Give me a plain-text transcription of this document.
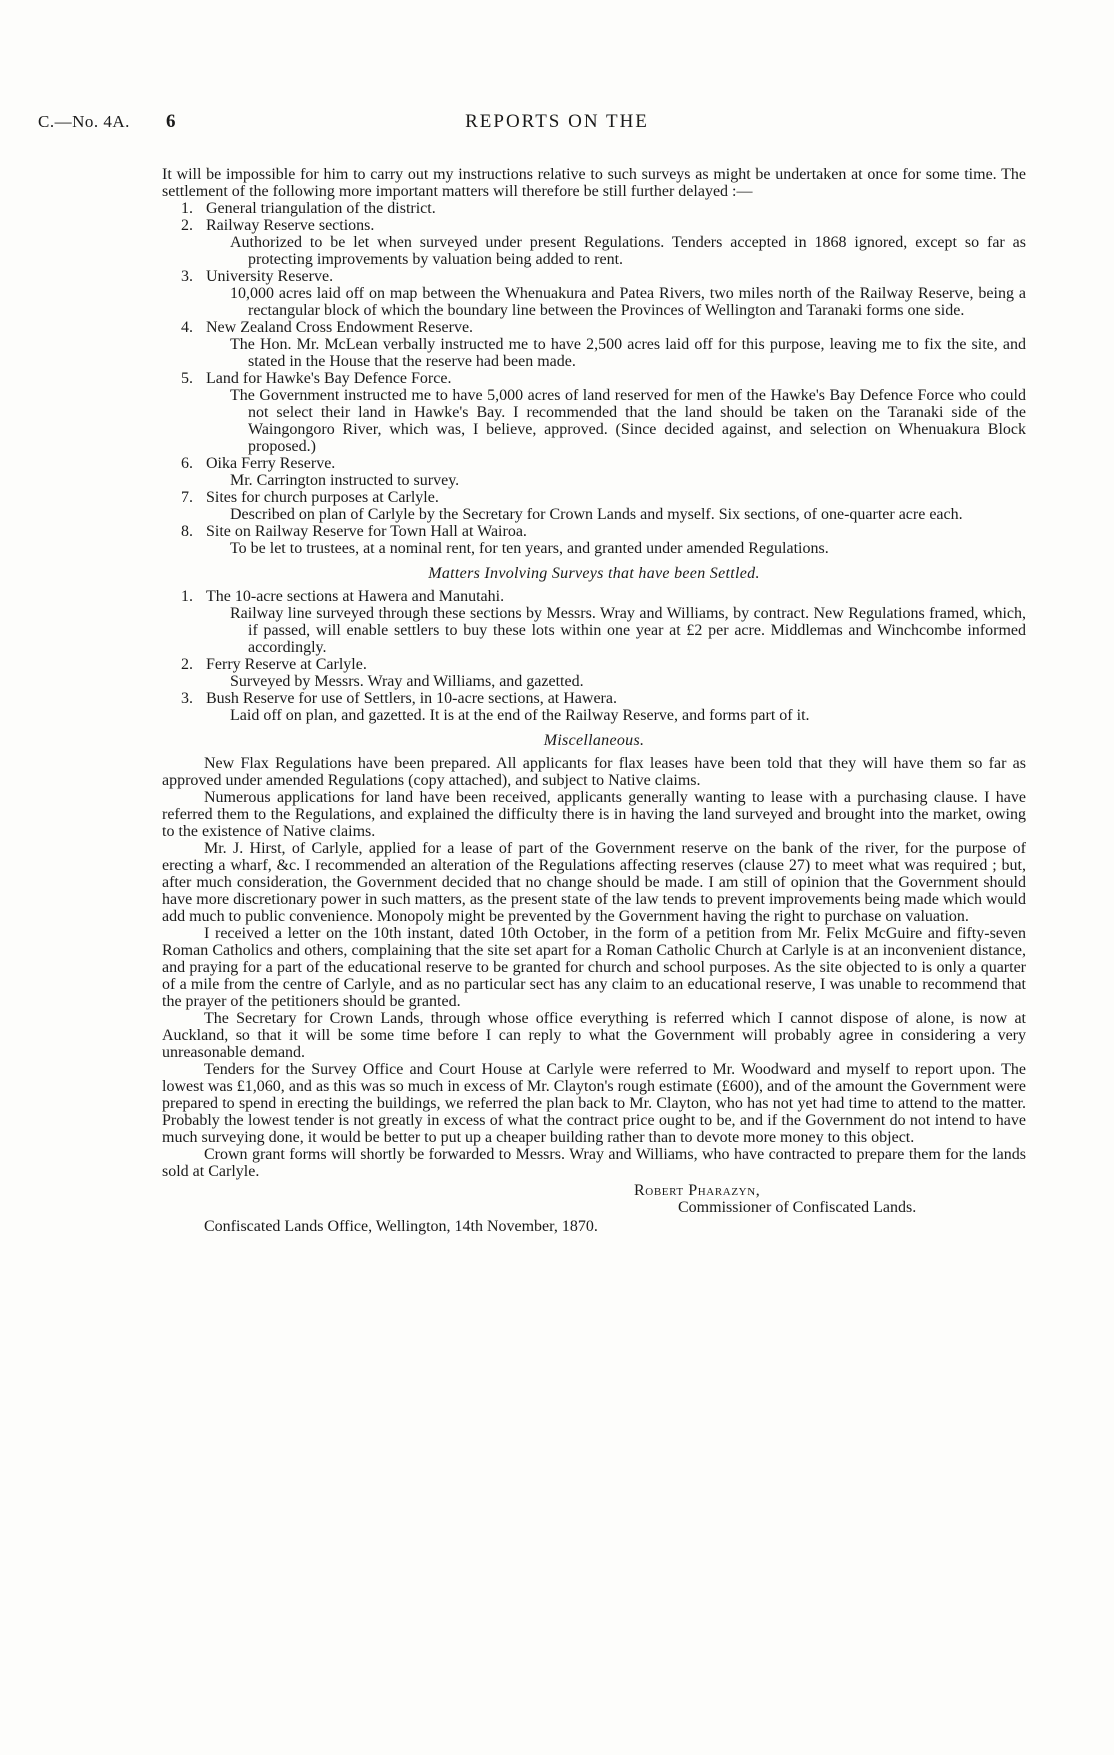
C.—No. 4A. 6	REPORTS ON THE

It will be impossible for him to carry out my instructions relative to such surveys as might be undertaken at once for some time. The settlement of the following more important matters will therefore be still further delayed :—

1. General triangulation of the district.
2. Railway Reserve sections.
Authorized to be let when surveyed under present Regulations. Tenders accepted in 1868 ignored, except so far as protecting improvements by valuation being added to rent.
3. University Reserve.
10,000 acres laid off on map between the Whenuakura and Patea Rivers, two miles north of the Railway Reserve, being a rectangular block of which the boundary line between the Provinces of Wellington and Taranaki forms one side.
4. New Zealand Cross Endowment Reserve.
The Hon. Mr. McLean verbally instructed me to have 2,500 acres laid off for this purpose, leaving me to fix the site, and stated in the House that the reserve had been made.
5. Land for Hawke's Bay Defence Force.
The Government instructed me to have 5,000 acres of land reserved for men of the Hawke's Bay Defence Force who could not select their land in Hawke's Bay. I recommended that the land should be taken on the Taranaki side of the Waingongoro River, which was, I believe, approved. (Since decided against, and selection on Whenuakura Block proposed.)
6. Oika Ferry Reserve.
Mr. Carrington instructed to survey.
7. Sites for church purposes at Carlyle.
Described on plan of Carlyle by the Secretary for Crown Lands and myself. Six sections, of one-quarter acre each.
8. Site on Railway Reserve for Town Hall at Wairoa.
To be let to trustees, at a nominal rent, for ten years, and granted under amended Regulations.
Matters Involving Surveys that have been Settled.
1. The 10-acre sections at Hawera and Manutahi.
Railway line surveyed through these sections by Messrs. Wray and Williams, by contract. New Regulations framed, which, if passed, will enable settlers to buy these lots within one year at £2 per acre. Middlemas and Winchcombe informed accordingly.
2. Ferry Reserve at Carlyle.
Surveyed by Messrs. Wray and Williams, and gazetted.
3. Bush Reserve for use of Settlers, in 10-acre sections, at Hawera.
Laid off on plan, and gazetted. It is at the end of the Railway Reserve, and forms part of it.
Miscellaneous.

New Flax Regulations have been prepared. All applicants for flax leases have been told that they will have them so far as approved under amended Regulations (copy attached), and subject to Native claims.

Numerous applications for land have been received, applicants generally wanting to lease with a purchasing clause. I have referred them to the Regulations, and explained the difficulty there is in having the land surveyed and brought into the market, owing to the existence of Native claims.

Mr. J. Hirst, of Carlyle, applied for a lease of part of the Government reserve on the bank of the river, for the purpose of erecting a wharf, &c. I recommended an alteration of the Regulations affecting reserves (clause 27) to meet what was required ; but, after much consideration, the Government decided that no change should be made. I am still of opinion that the Government should have more discretionary power in such matters, as the present state of the law tends to prevent improvements being made which would add much to public convenience. Monopoly might be prevented by the Government having the right to purchase on valuation.

I received a letter on the 10th instant, dated 10th October, in the form of a petition from Mr. Felix McGuire and fifty-seven Roman Catholics and others, complaining that the site set apart for a Roman Catholic Church at Carlyle is at an inconvenient distance, and praying for a part of the educational reserve to be granted for church and school purposes. As the site objected to is only a quarter of a mile from the centre of Carlyle, and as no particular sect has any claim to an educational reserve, I was unable to recommend that the prayer of the petitioners should be granted.

The Secretary for Crown Lands, through whose office everything is referred which I cannot dispose of alone, is now at Auckland, so that it will be some time before I can reply to what the Government will probably agree in considering a very unreasonable demand.

Tenders for the Survey Office and Court House at Carlyle were referred to Mr. Woodward and myself to report upon. The lowest was £1,060, and as this was so much in excess of Mr. Clayton's rough estimate (£600), and of the amount the Government were prepared to spend in erecting the buildings, we referred the plan back to Mr. Clayton, who has not yet had time to attend to the matter. Probably the lowest tender is not greatly in excess of what the contract price ought to be, and if the Government do not intend to have much surveying done, it would be better to put up a cheaper building rather than to devote more money to this object.

Crown grant forms will shortly be forwarded to Messrs. Wray and Williams, who have contracted to prepare them for the lands sold at Carlyle.

Robert Pharazyn,
Commissioner of Confiscated Lands.
Confiscated Lands Office, Wellington, 14th November, 1870.
